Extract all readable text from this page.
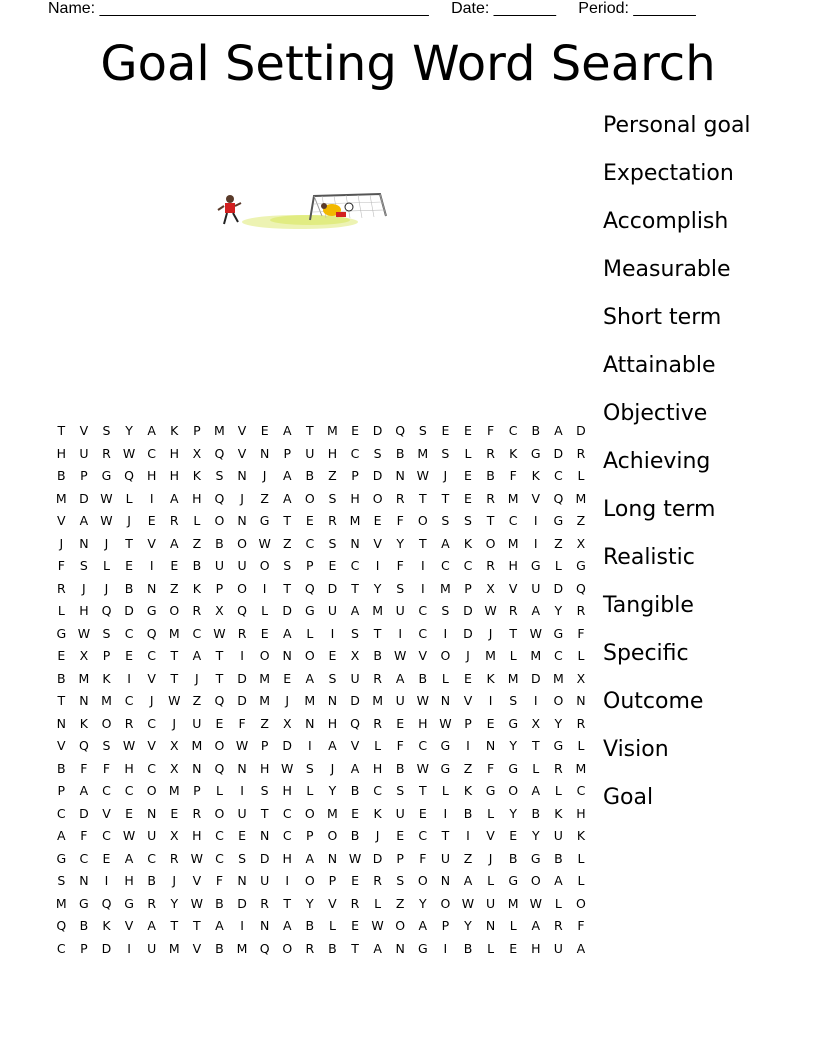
Name: _____________________________________ Date: _______ Period: _______
Goal Setting Word Search
Personal goal
Expectation
Accomplish
Measurable
Short term
Attainable
Objective
Achieving
Long term
Realistic
Tangible
Specific
Outcome
Vision
Goal
T	V	S	Y	A	K	P	M	V	E	A	T	M	E	D	Q	S	E	E	F	C	B	A	D
H	U	R W C	H	X	Q	V	N	P	U	H	C	S	B	M	S	L	R	K	G	D	R
B	P	G	Q	H	H	K	S	N	J	A	B	Z	P	D	N W	J	E	B	F	K	C	L
M D W	L	I	A	H	Q	J	Z	A	O	S	H	O	R	T	T	E	R	M	V	Q M
V	A W	J	E	R	L	O	N	G	T	E	R	M	E	F	O	S	S	T	C	I	G	Z
J	N	J	T	V	A	Z	B	O W Z	C	S	N	V	Y	T	A	K	O M	I	Z	X
F	S	L	E	I	E	B	U	U	O	S	P	E	C	I	F	I	C	C	R	H	G	L	G
R	J	J	B	N	Z	K	P	O	I	T	Q	D	T	Y	S	I	M	P	X	V	U	D	Q
L	H	Q	D	G	O	R	X	Q	L	D	G	U	A	M	U	C	S	D W R	A	Y	R
G W S	C	Q M	C W R	E	A	L	I	S	T	I	C	I	D	J	T	W G	F
E	X	P	E	C	T	A	T	I	O	N	O	E	X	B W V	O	J	M	L	M	C	L
B	M	K	I	V	T	J	T	D M	E	A	S	U	R	A	B	L	E	K	M D M	X
T	N	M	C	J	W Z	Q	D M	J	M	N	D M	U W N	V	I	S	I	O	N
N	K	O	R	C	J	U	E	F	Z	X	N	H	Q	R	E	H W	P	E	G	X	Y	R
V	Q	S W V	X	M O W	P	D	I	A	V	L	F	C	G	I	N	Y	T	G	L
B	F	F	H	C	X	N	Q	N	H W S	J	A	H	B W G	Z	F	G	L	R	M
P	A	C	C	O M	P	L	I	S	H	L	Y	B	C	S	T	L	K	G	O	A	L	C
C	D	V	E	N	E	R	O	U	T	C	O M	E	K	U	E	I	B	L	Y	B	K	H
A	F	C W U	X	H	C	E	N	C	P	O	B	J	E	C	T	I	V	E	Y	U	K
G	C	E	A	C	R W C	S	D	H	A	N W D	P	F	U	Z	J	B	G	B	L
S	N	I	H	B	J	V	F	N	U	I	O	P	E	R	S	O	N	A	L	G	O	A	L
M G	Q	G	R	Y	W B	D	R	T	Y	V	R	L	Z	Y	O W U	M W	L	O
Q	B	K	V	A	T	T	A	I	N	A	B	L	E W O	A	P	Y	N	L	A	R	F
C	P	D	I	U	M	V	B	M Q	O	R	B	T	A	N	G	I	B	L	E	H	U	A
